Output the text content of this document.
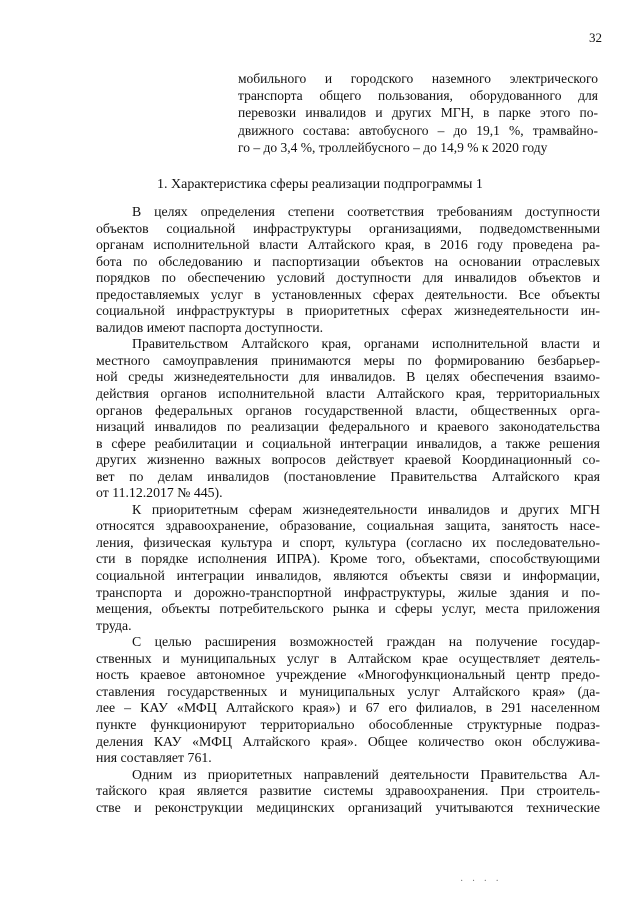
32
мобильного и городского наземного электрического
транспорта общего пользования, оборудованного для
перевозки инвалидов и других МГН, в парке этого по-
движного состава: автобусного – до 19,1 %, трамвайно-
го – до 3,4 %, троллейбусного – до 14,9 % к 2020 году
1. Характеристика сферы реализации подпрограммы 1
В целях определения степени соответствия требованиям доступности
объектов социальной инфраструктуры организациями, подведомственными
органам исполнительной власти Алтайского края, в 2016 году проведена ра-
бота по обследованию и паспортизации объектов на основании отраслевых
порядков по обеспечению условий доступности для инвалидов объектов и
предоставляемых услуг в установленных сферах деятельности. Все объекты
социальной инфраструктуры в приоритетных сферах жизнедеятельности ин-
валидов имеют паспорта доступности.
Правительством Алтайского края, органами исполнительной власти и
местного самоуправления принимаются меры по формированию безбарьер-
ной среды жизнедеятельности для инвалидов. В целях обеспечения взаимо-
действия органов исполнительной власти Алтайского края, территориальных
органов федеральных органов государственной власти, общественных орга-
низаций инвалидов по реализации федерального и краевого законодательства
в сфере реабилитации и социальной интеграции инвалидов, а также решения
других жизненно важных вопросов действует краевой Координационный со-
вет по делам инвалидов (постановление Правительства Алтайского края
от 11.12.2017 № 445).
К приоритетным сферам жизнедеятельности инвалидов и других МГН
относятся здравоохранение, образование, социальная защита, занятость насе-
ления, физическая культура и спорт, культура (согласно их последовательно-
сти в порядке исполнения ИПРА). Кроме того, объектами, способствующими
социальной интеграции инвалидов, являются объекты связи и информации,
транспорта и дорожно-транспортной инфраструктуры, жилые здания и по-
мещения, объекты потребительского рынка и сферы услуг, места приложения
труда.
С целью расширения возможностей граждан на получение государ-
ственных и муниципальных услуг в Алтайском крае осуществляет деятель-
ность краевое автономное учреждение «Многофункциональный центр предо-
ставления государственных и муниципальных услуг Алтайского края» (да-
лее – КАУ «МФЦ Алтайского края») и 67 его филиалов, в 291 населенном
пункте функционируют территориально обособленные структурные подраз-
деления КАУ «МФЦ Алтайского края». Общее количество окон обслужива-
ния составляет 761.
Одним из приоритетных направлений деятельности Правительства Ал-
тайского края является развитие системы здравоохранения. При строитель-
стве и реконструкции медицинских организаций учитываются технические
· · · ·
